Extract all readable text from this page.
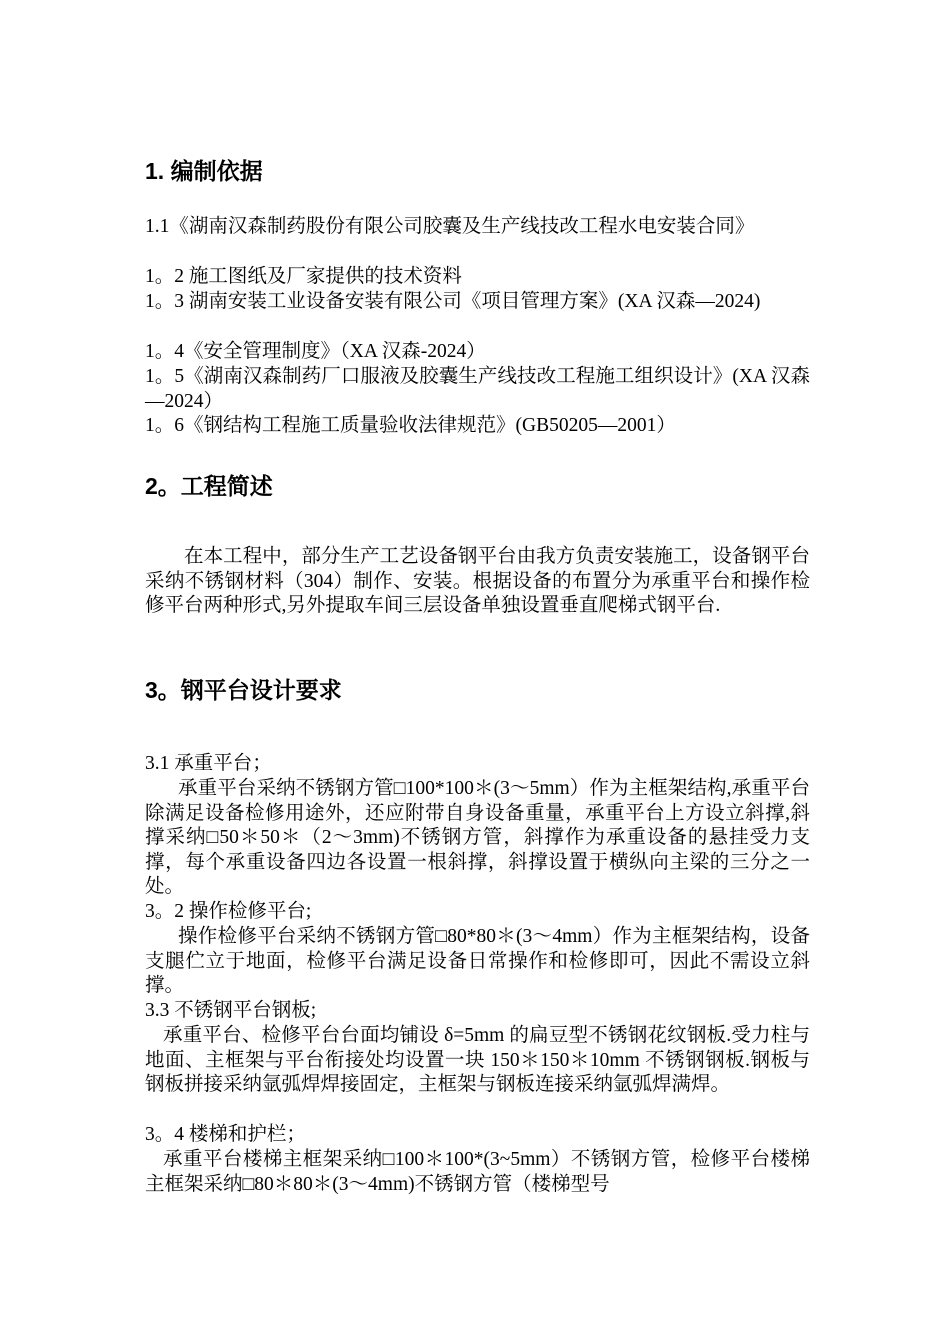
1. 编制依据
1.1《湖南汉森制药股份有限公司胶囊及生产线技改工程水电安装合同》
1。2 施工图纸及厂家提供的技术资料
1。3 湖南安装工业设备安装有限公司《项目管理方案》(XA 汉森—2024)
1。4《安全管理制度》（XA 汉森-2024）
1。5《湖南汉森制药厂口服液及胶囊生产线技改工程施工组织设计》(XA 汉森—2024）
1。6《钢结构工程施工质量验收法律规范》(GB50205—2001）
2。工程简述
在本工程中，部分生产工艺设备钢平台由我方负责安装施工，设备钢平台采纳不锈钢材料（304）制作、安装。根据设备的布置分为承重平台和操作检修平台两种形式,另外提取车间三层设备单独设置垂直爬梯式钢平台.
3。钢平台设计要求
3.1 承重平台；
承重平台采纳不锈钢方管□100*100＊(3～5mm）作为主框架结构,承重平台除满足设备检修用途外，还应附带自身设备重量，承重平台上方设立斜撑,斜撑采纳□50＊50＊（2～3mm)不锈钢方管，斜撑作为承重设备的悬挂受力支撑，每个承重设备四边各设置一根斜撑，斜撑设置于横纵向主梁的三分之一处。
3。2 操作检修平台;
操作检修平台采纳不锈钢方管□80*80＊(3～4mm）作为主框架结构，设备支腿伫立于地面，检修平台满足设备日常操作和检修即可，因此不需设立斜撑。
3.3 不锈钢平台钢板;
承重平台、检修平台台面均铺设 δ=5mm 的扁豆型不锈钢花纹钢板.受力柱与地面、主框架与平台衔接处均设置一块 150＊150＊10mm 不锈钢钢板.钢板与钢板拼接采纳氩弧焊焊接固定，主框架与钢板连接采纳氩弧焊满焊。
3。4 楼梯和护栏；
承重平台楼梯主框架采纳□100＊100*(3~5mm）不锈钢方管，检修平台楼梯主框架采纳□80＊80＊(3～4mm)不锈钢方管（楼梯型号
